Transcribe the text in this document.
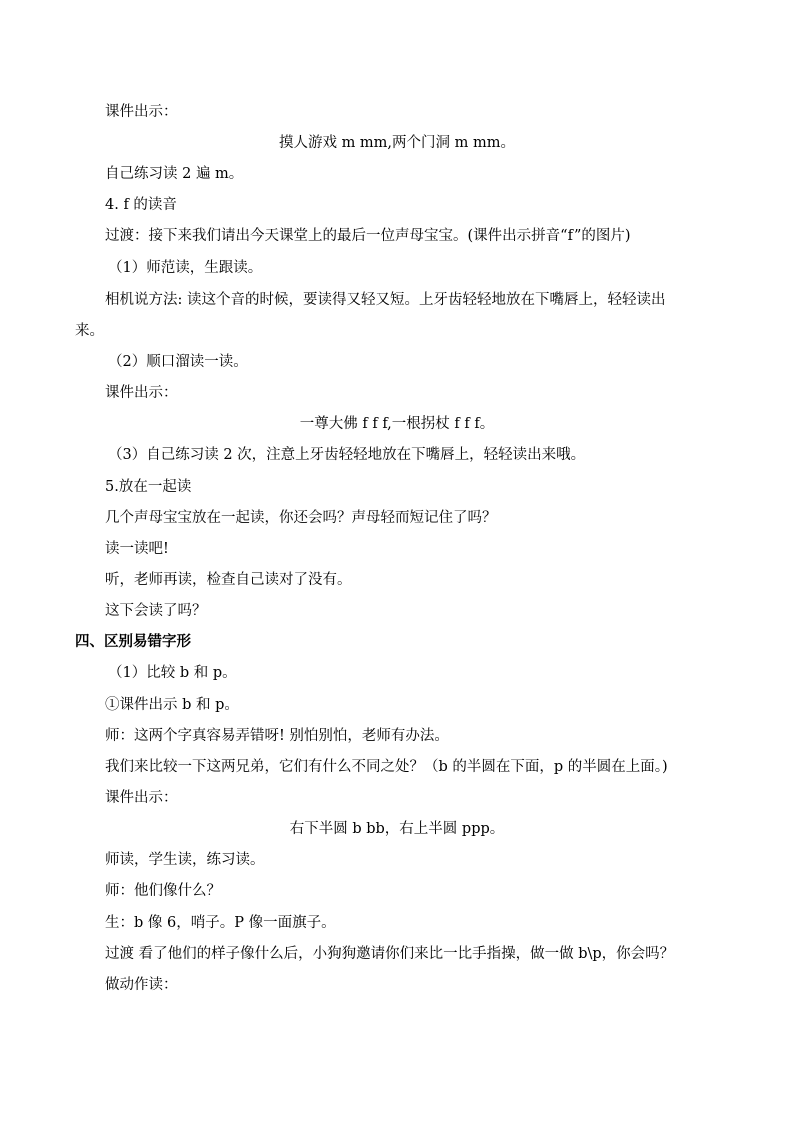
课件出示：
摸人游戏 m mm,两个门洞 m mm。
自己练习读 2 遍 m。
4. f 的读音
过渡：接下来我们请出今天课堂上的最后一位声母宝宝。(课件出示拼音“f”的图片)
（1）师范读，生跟读。
相机说方法: 读这个音的时候，要读得又轻又短。上牙齿轻轻地放在下嘴唇上，轻轻读出
来。
（2）顺口溜读一读。
课件出示：
一尊大佛 f f f,一根拐杖 f f f。
（3）自己练习读 2 次，注意上牙齿轻轻地放在下嘴唇上，轻轻读出来哦。
5.放在一起读
几个声母宝宝放在一起读，你还会吗？声母轻而短记住了吗？
读一读吧!
听，老师再读，检查自己读对了没有。
这下会读了吗？
四、区别易错字形
（1）比较 b 和 p。
①课件出示 b 和 p。
师：这两个字真容易弄错呀! 别怕别怕，老师有办法。
我们来比较一下这两兄弟，它们有什么不同之处？（b 的半圆在下面，p 的半圆在上面。)
课件出示：
右下半圆 b bb，右上半圆 ppp。
师读，学生读，练习读。
师：他们像什么？
生：b 像 6，哨子。P 像一面旗子。
过渡 看了他们的样子像什么后，小狗狗邀请你们来比一比手指操，做一做 b\p，你会吗？
做动作读：
